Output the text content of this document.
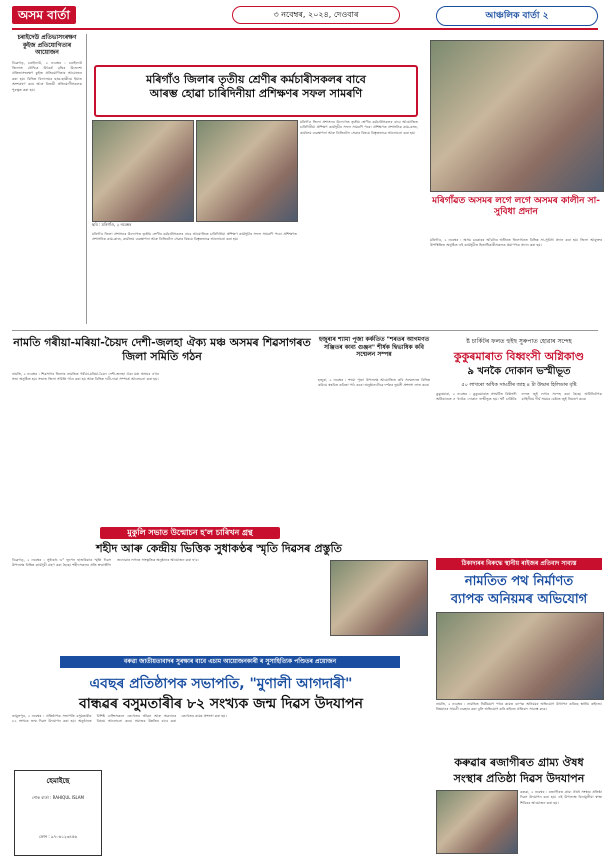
অসম বাৰ্তা	৩ নবেম্বৰ, ২০২৪, দেওবাৰ	আঞ্চলিক বাৰ্তা ২
চৰাইদেউ প্ৰতিভাসংৰক্ষণ কুইজ প্ৰতিযোগিতাৰ আয়োজন
ডিব্ৰুগড়, চৰাইদেউ, ২ নবেম্বৰ : চৰাইদেউ জিলাত বৌদ্ধিক উৎকৰ্ষ বৃদ্ধিৰ উদ্দেশ্যে প্ৰতিভাসংৰক্ষণ কুইজ প্ৰতিযোগিতাৰ আয়োজন কৰা হয়। বিভিন্ন বিদ্যালয়ৰ ছাত্ৰ-ছাত্ৰীয়ে ইয়াত অংশগ্ৰহণ কৰে আৰু বিজয়ী প্ৰতিযোগীসকলক পুৰস্কৃত কৰা হয়।
মৰিগাঁও জিলাৰ তৃতীয় শ্ৰেণীৰ কৰ্মচাৰীসকলৰ বাবে
আৰম্ভ হোৱা চাৰিদিনীয়া প্ৰশিক্ষণৰ সফল সামৰণি
ছবি : মৰিগাঁও, ২ নবেম্বৰ
মৰিগাঁও জিলা প্ৰশাসনৰ উদ্যোগত তৃতীয় শ্ৰেণীৰ কৰ্মচাৰীসকলৰ বাবে আয়োজিত চাৰিদিনীয়া প্ৰশিক্ষণ কাৰ্যসূচীৰ সফল সামৰণি পৰে। প্ৰশিক্ষণত প্ৰশাসনিক কাম-কাজ, কাৰ্যালয় ব্যৱস্থাপনা আৰু ডিজিটেল সেৱাৰ বিষয়ে বিস্তৃতভাৱে আলোচনা কৰা হয়।
মৰিগাঁও জিলা প্ৰশাসনৰ উদ্যোগত তৃতীয় শ্ৰেণীৰ কৰ্মচাৰীসকলৰ বাবে আয়োজিত চাৰিদিনীয়া প্ৰশিক্ষণ কাৰ্যসূচীৰ সফল সামৰণি পৰে। প্ৰশিক্ষণত প্ৰশাসনিক কাম-কাজ, কাৰ্যালয় ব্যৱস্থাপনা আৰু ডিজিটেল সেৱাৰ বিষয়ে বিস্তৃতভাৱে আলোচনা কৰা হয়।
মৰিগাঁৱত অসমৰ লগে লগে অসমৰ কালীন সা-সুবিধা প্ৰদান
মৰিগাঁও, ২ নবেম্বৰ : অসম চৰকাৰৰ আঁচনিৰ অধীনত জিলাখনত বিভিন্ন সা-সুবিধা প্ৰদান কৰা হয়। জিলা আয়ুক্তৰ উপস্থিতিত অনুষ্ঠিত এই কাৰ্যসূচীত হিতাধিকাৰীসকলক প্ৰমাণপত্ৰ প্ৰদান কৰা হয়।
নামতি গৰীয়া-মৰিয়া-চৈয়দ দেশী-জলহা ঐক্য মঞ্চ অসমৰ শিৱসাগৰত জিলা সমিতি গঠন
নামতি, ২ নবেম্বৰ : শিৱসাগৰ জিলাৰ নামতিত গৰীয়া-মৰিয়া-চৈয়দ দেশী-জলহা ঐক্য মঞ্চ অসমৰ এখন সভা অনুষ্ঠিত হয়। সভাত জিলা সমিতি গঠন কৰা হয় আৰু বিভিন্ন দাবী-দাৱা সম্পৰ্কে আলোচনা কৰা হয়।
হজুৰাৰ শ্যামা পূজা কৰ্কতিত "শৰতৰ আগমণত সঞ্জিতৰ কাব্য গুঞ্জন" শীৰ্ষক দ্বিভাষিক কবি সন্মেলন সম্পন্ন
হজুৰা, ২ নবেম্বৰ : শ্যামা পূজা উপলক্ষে আয়োজিত কবি সন্মেলনত বিভিন্ন কবিয়ে স্বৰচিত কবিতা পাঠ কৰে। অনুষ্ঠানটোৱে দৰ্শকৰ ভূয়সী প্ৰশংসা লাভ কৰে।
ষ্ট চাৰ্কিটৰ ফলত হুইছ সুৰুপাত হোৱাৰ সন্দেহ
কুকুৰমাৰাত বিধ্বংসী অগ্নিকাণ্ড
৯ খনকৈ দোকান ভস্মীভূত
৫০ লাখৰো অধিক সামগ্ৰীৰ জাহ ৪ টা উদ্ধাৰ হিলিডাৰ বৃষ্টি
কুকুৰমাৰা, ২ নবেম্বৰ : কুকুৰমাৰাত সংঘটিত বিধ্বংসী অগ্নিকাণ্ডত ন খনকৈ দোকান ভস্মীভূত হয়। শ্বৰ্ট চাৰ্কিটৰ ফলত জুই লগাৰ সন্দেহ কৰা হৈছে। অগ্নিনিৰ্বাপক বাহিনীয়ে দীৰ্ঘ সময়ৰ চেষ্টাত জুই নিয়ন্ত্ৰণ কৰে।
মুকুলি সভাত উন্মোচন হ'ল চাৰিখন গ্ৰন্থ
শহীদ আৰু কেন্দ্ৰীয় ভিত্তিক সুধাকণ্ঠৰ স্মৃতি দিৱসৰ প্ৰস্তুতি
ডিব্ৰুগড়, ২ নবেম্বৰ : সুধাকণ্ঠ ড° ভূপেন হাজৰিকাৰ স্মৃতি দিৱস উপলক্ষে বিভিন্ন কাৰ্যসূচী গ্ৰহণ কৰা হৈছে। শহীদসকলৰ প্ৰতি শ্ৰদ্ধাঞ্জলি জনোৱাৰ লগতে সাংস্কৃতিক অনুষ্ঠানৰ আয়োজন কৰা হ'ব।	ঠিকাদাৰৰ বিৰুদ্ধে স্থানীয় ৰাইজৰ প্ৰতিবাদ সাব্যস্ত
নামতিত পথ নিৰ্মাণত
ব্যাপক অনিয়মৰ অভিযোগ
নামতি, ২ নবেম্বৰ : নামতিত নিৰ্মীয়মাণ পথৰ কামত ব্যাপক অনিয়মৰ অভিযোগ উত্থাপন কৰিছে স্থানীয় ৰাইজে। নিম্নমানৰ সামগ্ৰী ব্যৱহাৰ কৰা বুলি অভিযোগ কৰি ৰাইজে প্ৰতিবাদ সাব্যস্ত কৰে।
বৰুৱা জাতীয়তাবাদৰ সুৰক্ষাৰ বাবে এচাম আয়োজনকাৰী ৰ সুসাহিত্যিক পণ্ডিতৰ প্ৰয়োজন
এবছৰ প্ৰতিষ্ঠাপক সভাপতি, "মুণালী আগদাৰী"
বান্ধৱৰ বসুমতাৰীৰ ৮২ সংখ্যক জন্ম দিৱস উদযাপন
তামুলপুৰ, ২ নবেম্বৰ : প্ৰতিষ্ঠাপক সভাপতি বসুমতাৰীৰ ৮২ সংখ্যক জন্ম দিৱস উদযাপন কৰা হয়। অনুষ্ঠানত বিশিষ্ট ব্যক্তিসকলে তেখেতৰ জীৱন আৰু অৱদানৰ বিষয়ে আলোচনা কৰে। সমাজৰ উন্নতিৰ বাবে কৰা তেখেতৰ কামৰ প্ৰশংসা কৰা হয়।
হেমাইছে
শোক বাৰ্তা : RAHIQUL ISLAM
ফোন : ৯৭০৬১২৩৪৫৬
কৰুৱাৰ ৰজাগীৰত গ্ৰাম্য ঔষধ
সংস্থাৰ প্ৰতিষ্ঠা দিৱস উদযাপন
কৰুৱা, ২ নবেম্বৰ : ৰজাগীৰত গ্ৰাম্য ঔষধ সংস্থাৰ প্ৰতিষ্ঠা দিৱস উদযাপন কৰা হয়। এই উপলক্ষে বিনামূলীয়া স্বাস্থ্য শিবিৰৰ আয়োজন কৰা হয়।
